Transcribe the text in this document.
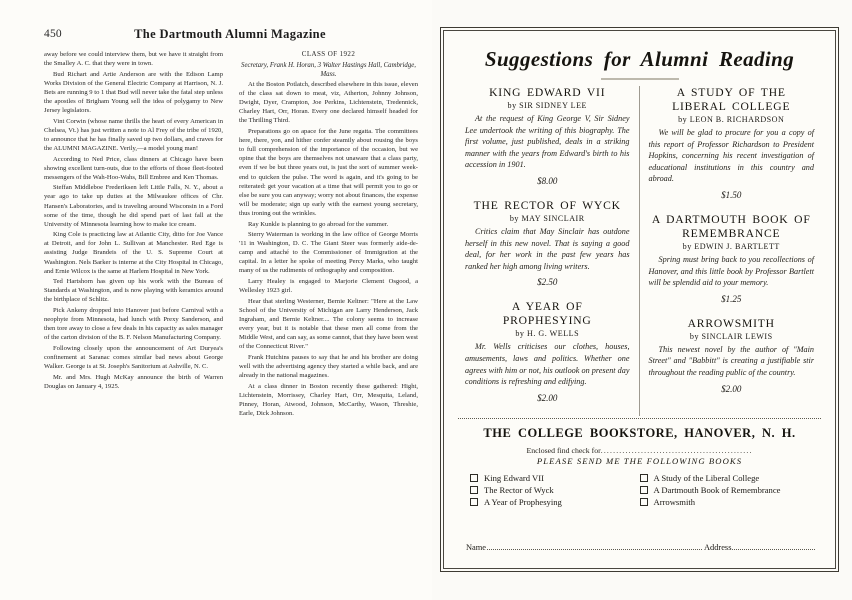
450	The Dartmouth Alumni Magazine

away before we could interview them, but we have it straight from the Smalley A. C. that they were in town.

Bud Richart and Artie Anderson are with the Edison Lamp Works Division of the General Electric Company at Harrison, N. J. Bets are running 9 to 1 that Bud will never take the fatal step unless the apostles of Brigham Young sell the idea of polygamy to New Jersey legislators.

Vint Corwin (whose name thrills the heart of every American in Chelsea, Vt.) has just written a note to Al Frey of the tribe of 1920, to announce that he has finally saved up two dollars, and craves for the ALUMNI MAGAZINE. Verily,—a model young man!

According to Ned Price, class dinners at Chicago have been showing excellent turn-outs, due to the efforts of those fleet-footed messengers of the Wah-Hoo-Wahs, Bill Embree and Ken Thomas.

Steffan Middleboe Frederiksen left Little Falls, N. Y., about a year ago to take up duties at the Milwaukee offices of Chr. Hansen's Laboratories, and is traveling around Wisconsin in a Ford some of the time, though he did spend part of last fall at the University of Minnesota learning how to make ice cream.

King Cole is practicing law at Atlantic City, ditto for Joe Vance at Detroit, and for John L. Sullivan at Manchester. Red Ege is assisting Judge Brandeis of the U. S. Supreme Court at Washington. Nels Barker is interne at the City Hospital in Chicago, and Ernie Wilcox is the same at Harlem Hospital in New York.

Ted Hartshorn has given up his work with the Bureau of Standards at Washington, and is now playing with keramics around the birthplace of Schlitz.

Pick Ankeny dropped into Hanover just before Carnival with a neophyte from Minnesota, had lunch with Prexy Sanderson, and then tore away to close a few deals in his capacity as sales manager of the carton division of the B. F. Nelson Manufacturing Company.

Following closely upon the announcement of Art Duryea's confinement at Saranac comes similar bad news about George Walker. George is at St. Joseph's Sanitorium at Ashville, N. C.

Mr. and Mrs. Hugh McKay announce the birth of Warren Douglas on January 4, 1925.

CLASS OF 1922

Secretary, Frank H. Horan, 3 Walter Hastings Hall, Cambridge, Mass.

At the Boston Potlatch, described elsewhere in this issue, eleven of the class sat down to meat, viz, Atherton, Johnny Johnson, Dwight, Dyer, Crampton, Joe Perkins, Lichtenstein, Tredennick, Charley Hart, Orr, Horan. Every one declared himself headed for the Thrilling Third.

Preparations go on apace for the June regatta. The committees here, there, yon, and hither confer steamily about rousing the boys to full comprehension of the importance of the occasion, but we opine that the boys are themselves not unaware that a class party, even if we be but three years out, is just the sort of summer week-end to quicken the pulse. The word is again, and it's going to be reiterated: get your vacation at a time that will permit you to go or else be sure you can anyway; worry not about finances, the expense will be moderate; sign up early with the earnest young secretary, thus ironing out the wrinkles.

Ray Kunkle is planning to go abroad for the summer.

Sterry Waterman is working in the law office of George Morris '11 in Washington, D. C. The Giant Steer was formerly aide-de-camp and attaché to the Commissioner of Immigration at the capital. In a letter he spoke of meeting Percy Marks, who taught many of us the rudiments of orthography and composition.

Larry Healey is engaged to Marjorie Clement Osgood, a Wellesley 1923 girl.

Hear that sterling Westerner, Bernie Keltner: "Here at the Law School of the University of Michigan are Larry Henderson, Jack Ingraham, and Bernie Keltner.... The colony seems to increase every year, but it is notable that these men all come from the Middle West, and can say, as some cannot, that they have been west of the Connecticut River."

Frank Hutchins pauses to say that he and his brother are doing well with the advertising agency they started a while back, and are already in the national magazines.

At a class dinner in Boston recently these gathered: Hight, Lichtenstein, Morrissey, Charley Hart, Orr, Mesquita, Leland, Pinney, Horan, Atwood, Johnson, McCarthy, Wason, Threshie, Earle, Dick Johnson.

Suggestions for Alumni Reading
KING EDWARD VII
by SIR SIDNEY LEE

At the request of King George V, Sir Sidney Lee undertook the writing of this biography. The first volume, just published, deals in a striking manner with the years from Edward's birth to his accession in 1901.

$8.00
THE RECTOR OF WYCK
by MAY SINCLAIR

Critics claim that May Sinclair has outdone herself in this new novel. That is saying a good deal, for her work in the past few years has ranked her high among living writers.

$2.50
A YEAR OF PROPHESYING
by H. G. WELLS

Mr. Wells criticises our clothes, houses, amusements, laws and politics. Whether one agrees with him or not, his outlook on present day conditions is refreshing and edifying.

$2.00
A STUDY OF THE LIBERAL COLLEGE
by LEON B. RICHARDSON

We will be glad to procure for you a copy of this report of Professor Richardson to President Hopkins, concerning his recent investigation of educational institutions in this country and abroad.

$1.50
A DARTMOUTH BOOK OF REMEMBRANCE
by EDWIN J. BARTLETT

Spring must bring back to you recollections of Hanover, and this little book by Professor Bartlett will be splendid aid to your memory.

$1.25
ARROWSMITH
by SINCLAIR LEWIS

This newest novel by the author of "Main Street" and "Babbitt" is creating a justifiable stir throughout the reading public of the country.

$2.00
THE COLLEGE BOOKSTORE, HANOVER, N. H.
Enclosed find check for.................................................
PLEASE SEND ME THE FOLLOWING BOOKS
King Edward VII
The Rector of Wyck
A Year of Prophesying
A Study of the Liberal College
A Dartmouth Book of Remembrance
Arrowsmith
Name	Address
